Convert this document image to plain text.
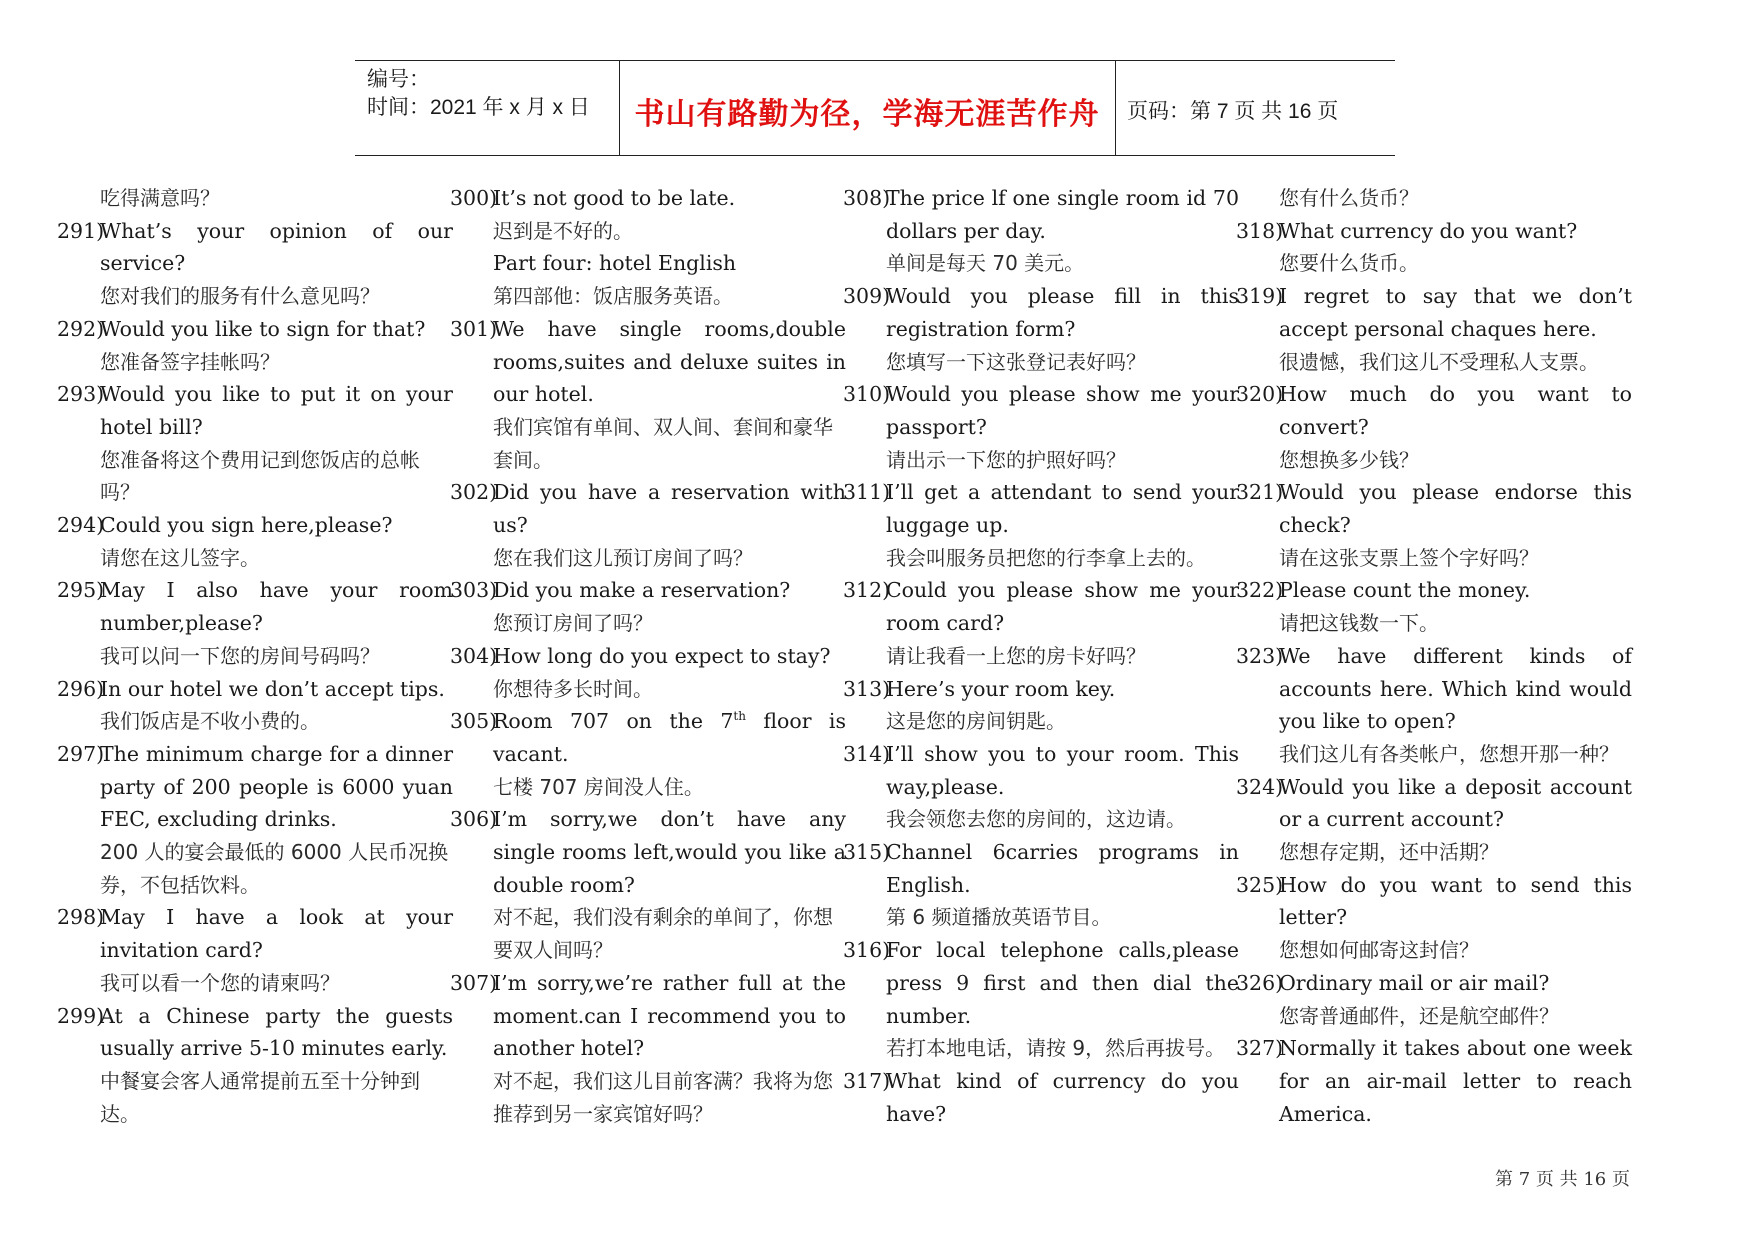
编号：
时间：2021 年 x 月 x 日	书山有路勤为径，学海无涯苦作舟	页码：第 7 页 共 16 页

吃得满意吗？

291)What’s your opinion of our service?

您对我们的服务有什么意见吗？

292)Would you like to sign for that?

您准备签字挂帐吗？

293)Would you like to put it on your hotel bill?

您准备将这个费用记到您饭店的总帐吗？

294)Could you sign here,please?

请您在这儿签字。

295)May I also have your room number,please?

我可以问一下您的房间号码吗？

296)In our hotel we don’t accept tips.

我们饭店是不收小费的。

297)The minimum charge for a dinner party of 200 people is 6000 yuan FEC, excluding drinks.

200 人的宴会最低的 6000 人民币况换券，不包括饮料。

298)May I have a look at your invitation card?

我可以看一个您的请柬吗？

299)At a Chinese party the guests usually arrive 5-10 minutes early.

中餐宴会客人通常提前五至十分钟到达。

300)It’s not good to be late.

迟到是不好的。

Part four: hotel English

第四部他：饭店服务英语。

301)We have single rooms,double rooms,suites and deluxe suites in our hotel.

我们宾馆有单间、双人间、套间和豪华套间。

302)Did you have a reservation with us?

您在我们这儿预订房间了吗？

303)Did you make a reservation?

您预订房间了吗？

304)How long do you expect to stay?

你想待多长时间。

305)Room 707 on the 7th floor is vacant.

七楼 707 房间没人住。

306)I’m sorry,we don’t have any single rooms left,would you like a double room?

对不起，我们没有剩余的单间了，你想要双人间吗？

307)I’m sorry,we’re rather full at the moment.can I recommend you to another hotel?

对不起，我们这儿目前客满？我将为您推荐到另一家宾馆好吗？

308)The price lf one single room id 70 dollars per day.

单间是每天 70 美元。

309)Would you please fill in this registration form?

您填写一下这张登记表好吗？

310)Would you please show me your passport?

请出示一下您的护照好吗？

311)I’ll get a attendant to send your luggage up.

我会叫服务员把您的行李拿上去的。

312)Could you please show me your room card?

请让我看一上您的房卡好吗？

313)Here’s your room key.

这是您的房间钥匙。

314)I’ll show you to your room. This way,please.

我会领您去您的房间的，这边请。

315)Channel 6carries programs in English.

第 6 频道播放英语节目。

316)For local telephone calls,please press 9 first and then dial the number.

若打本地电话，请按 9，然后再拔号。

317)What kind of currency do you have?

您有什么货币？

318)What currency do you want?

您要什么货币。

319)I regret to say that we don’t accept personal chaques here.

很遗憾，我们这儿不受理私人支票。

320)How much do you want to convert?

您想换多少钱？

321)Would you please endorse this check?

请在这张支票上签个字好吗？

322)Please count the money.

请把这钱数一下。

323)We have different kinds of accounts here. Which kind would you like to open?

我们这儿有各类帐户，您想开那一种？

324)Would you like a deposit account or a current account?

您想存定期，还中活期？

325)How do you want to send this letter?

您想如何邮寄这封信？

326)Ordinary mail or air mail?

您寄普通邮件，还是航空邮件？

327)Normally it takes about one week for an air-mail letter to reach America.

第 7 页 共 16 页
